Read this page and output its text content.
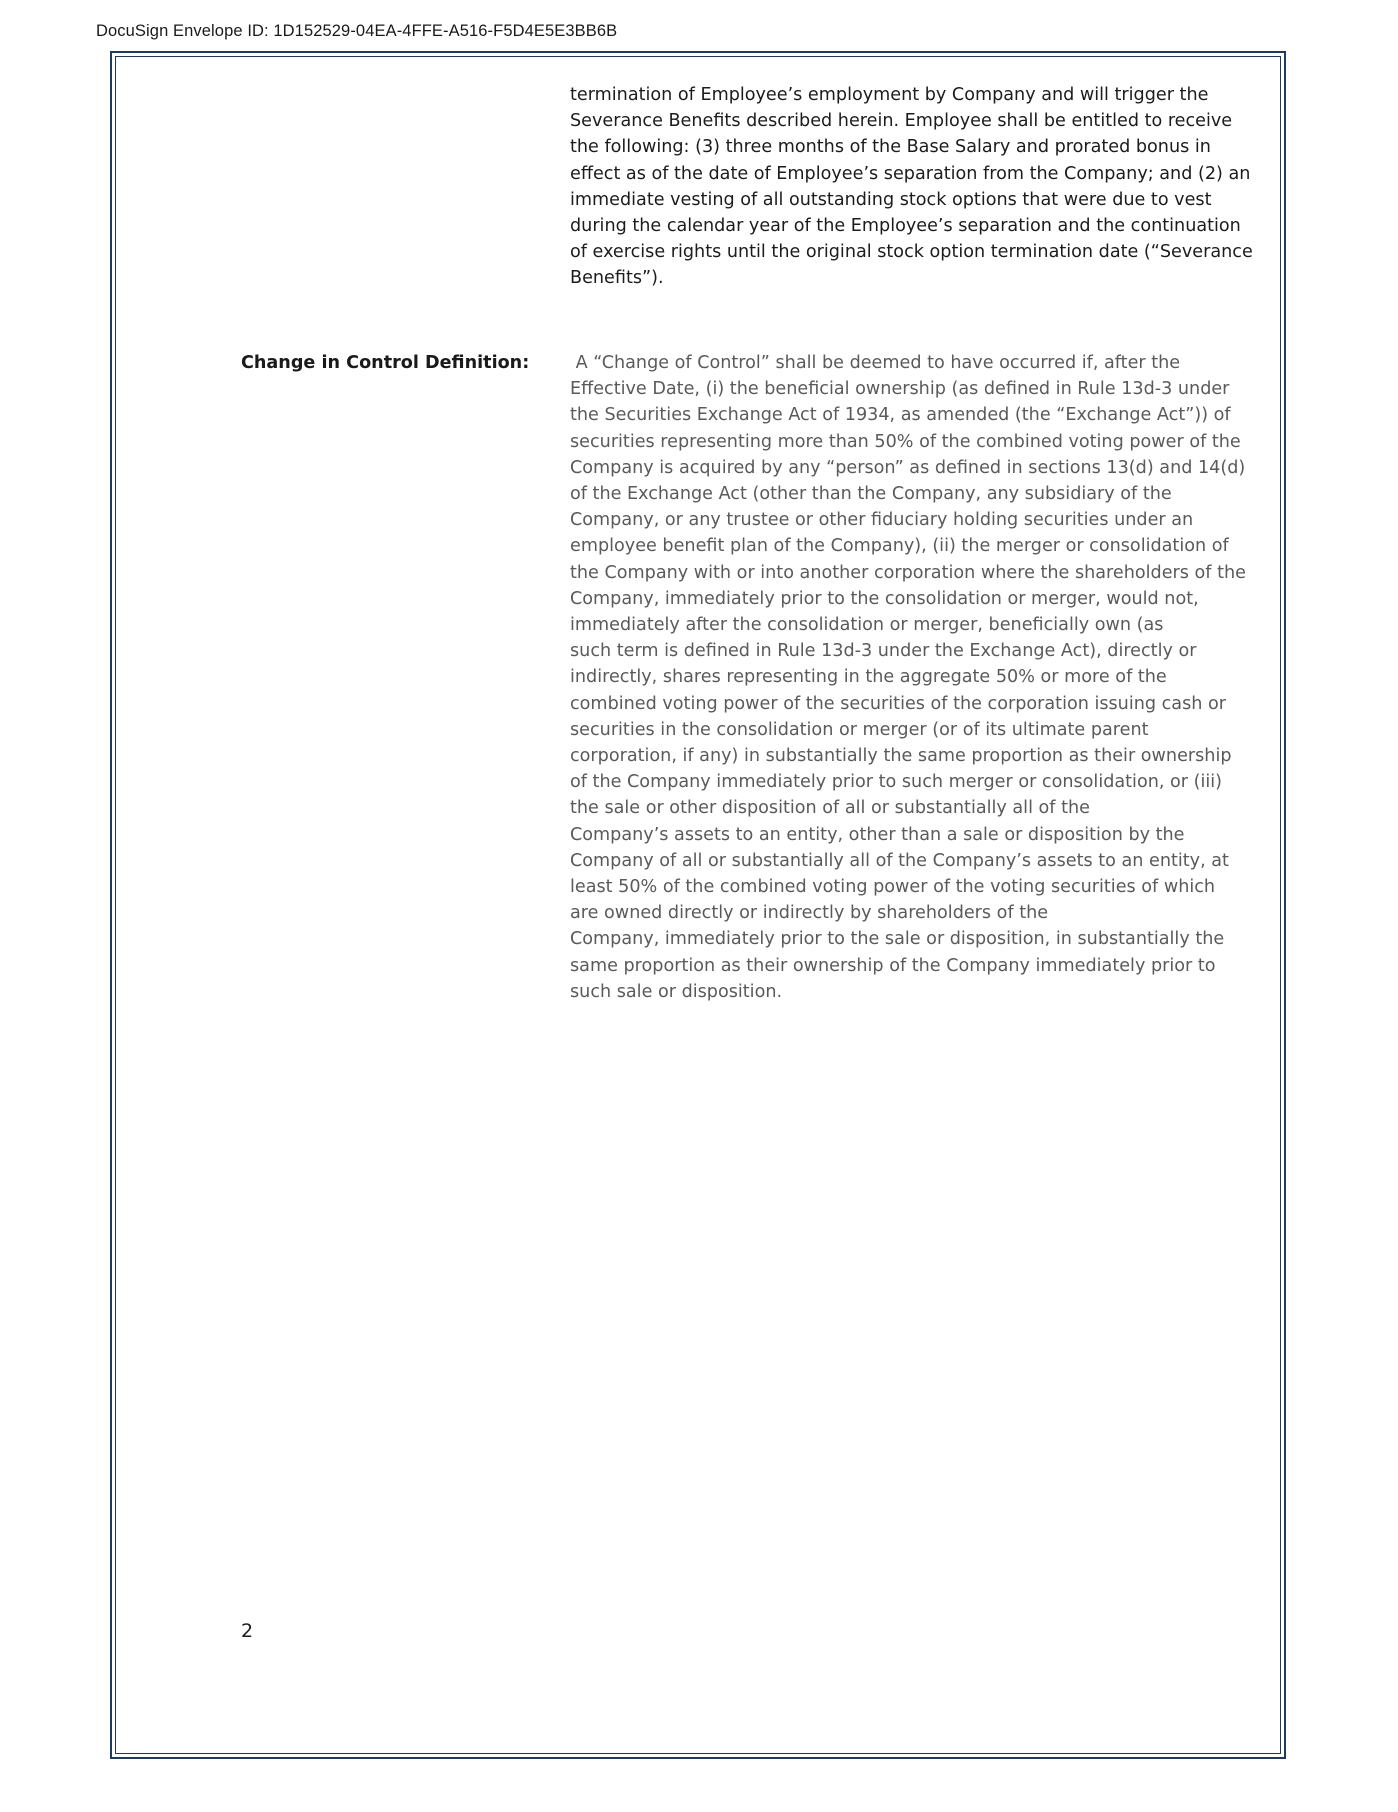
DocuSign Envelope ID: 1D152529-04EA-4FFE-A516-F5D4E5E3BB6B
termination of Employee’s employment by Company and will trigger the
Severance Benefits described herein. Employee shall be entitled to receive
the following: (3) three months of the Base Salary and prorated bonus in
effect as of the date of Employee’s separation from the Company; and (2) an
immediate vesting of all outstanding stock options that were due to vest
during the calendar year of the Employee’s separation and the continuation
of exercise rights until the original stock option termination date (“Severance
Benefits”).
Change in Control Definition:	A “Change of Control” shall be deemed to have occurred if, after the
Effective Date, (i) the beneficial ownership (as defined in Rule 13d-3 under
the Securities Exchange Act of 1934, as amended (the “Exchange Act”)) of
securities representing more than 50% of the combined voting power of the
Company is acquired by any “person” as defined in sections 13(d) and 14(d)
of the Exchange Act (other than the Company, any subsidiary of the
Company, or any trustee or other fiduciary holding securities under an
employee benefit plan of the Company), (ii) the merger or consolidation of
the Company with or into another corporation where the shareholders of the
Company, immediately prior to the consolidation or merger, would not,
immediately after the consolidation or merger, beneficially own (as
such term is defined in Rule 13d-3 under the Exchange Act), directly or
indirectly, shares representing in the aggregate 50% or more of the
combined voting power of the securities of the corporation issuing cash or
securities in the consolidation or merger (or of its ultimate parent
corporation, if any) in substantially the same proportion as their ownership
of the Company immediately prior to such merger or consolidation, or (iii)
the sale or other disposition of all or substantially all of the
Company’s assets to an entity, other than a sale or disposition by the
Company of all or substantially all of the Company’s assets to an entity, at
least 50% of the combined voting power of the voting securities of which
are owned directly or indirectly by shareholders of the
Company, immediately prior to the sale or disposition, in substantially the
same proportion as their ownership of the Company immediately prior to
such sale or disposition.
2
